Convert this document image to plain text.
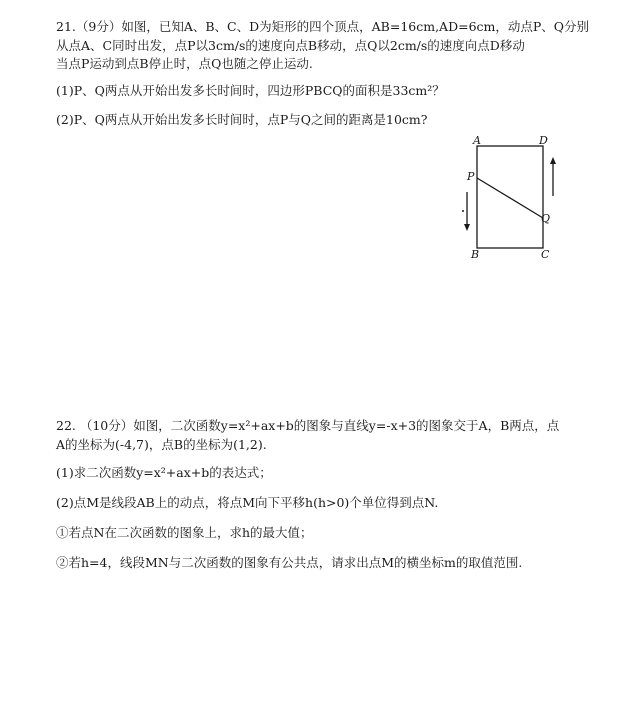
21.（9分）如图，已知A、B、C、D为矩形的四个顶点，AB=16cm,AD=6cm，动点P、Q分别
从点A、C同时出发，点P以3cm/s的速度向点B移动，点Q以2cm/s的速度向点D移动
当点P运动到点B停止时，点Q也随之停止运动.
(1)P、Q两点从开始出发多长时间时，四边形PBCQ的面积是33cm²？
(2)P、Q两点从开始出发多长时间时，点P与Q之间的距离是10cm?
A	D
P
Q
B	C
22. （10分）如图，二次函数y=x²+ax+b的图象与直线y=-x+3的图象交于A，B两点，点
A的坐标为(-4,7)，点B的坐标为(1,2).
(1)求二次函数y=x²+ax+b的表达式；
(2)点M是线段AB上的动点，将点M向下平移h(h>0)个单位得到点N.
①若点N在二次函数的图象上，求h的最大值；
②若h=4，线段MN与二次函数的图象有公共点，请求出点M的横坐标m的取值范围.
